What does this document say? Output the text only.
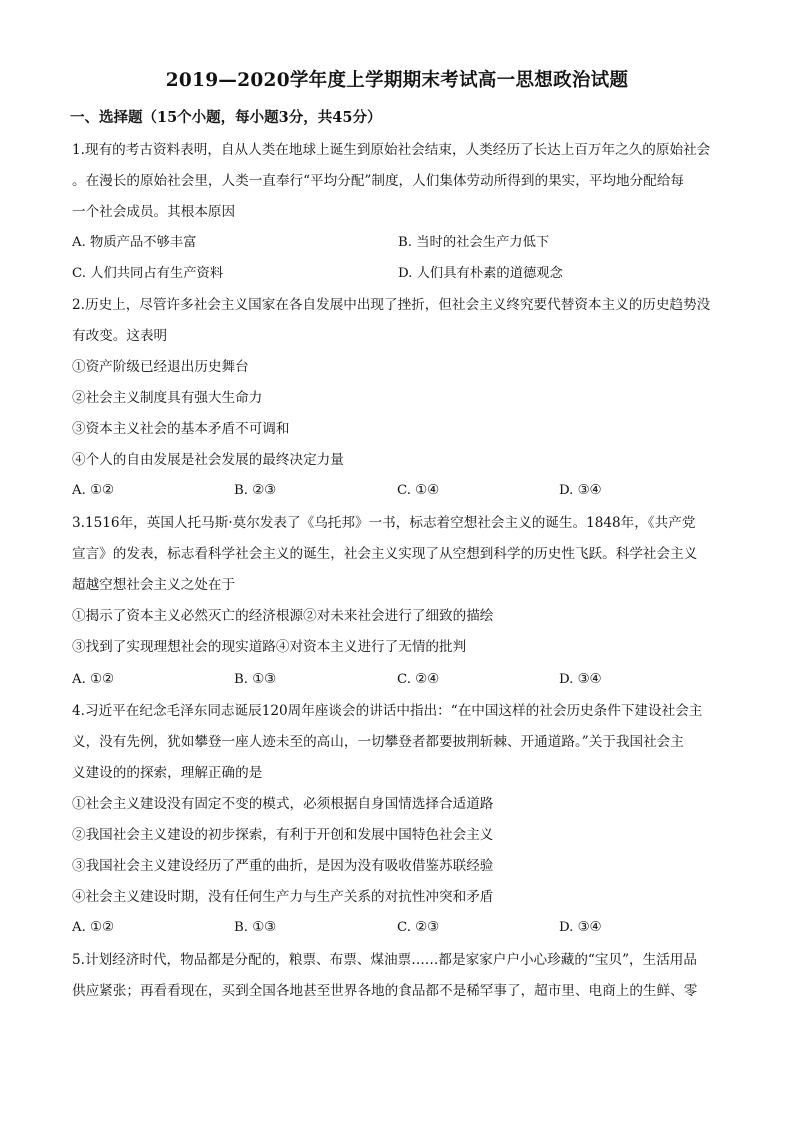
2019—2020学年度上学期期末考试高一思想政治试题
一、选择题（15个小题，每小题3分，共45分）
1.现有的考古资料表明，自从人类在地球上诞生到原始社会结束，人类经历了长达上百万年之久的原始社会
。在漫长的原始社会里，人类一直奉行“平均分配”制度，人们集体劳动所得到的果实，平均地分配给每
一个社会成员。其根本原因
A. 物质产品不够丰富	B. 当时的社会生产力低下
C. 人们共同占有生产资料	D. 人们具有朴素的道德观念
2.历史上，尽管许多社会主义国家在各自发展中出现了挫折，但社会主义终究要代替资本主义的历史趋势没
有改变。这表明
①资产阶级已经退出历史舞台
②社会主义制度具有强大生命力
③资本主义社会的基本矛盾不可调和
④个人的自由发展是社会发展的最终决定力量
A. ①②	B. ②③	C. ①④	D. ③④
3.1516年，英国人托马斯·莫尔发表了《乌托邦》一书，标志着空想社会主义的诞生。1848年，《共产党
宣言》的发表，标志看科学社会主义的诞生，社会主义实现了从空想到科学的历史性飞跃。科学社会主义
超越空想社会主义之处在于
①揭示了资本主义必然灭亡的经济根源②对未来社会进行了细致的描绘
③找到了实现理想社会的现实道路④对资本主义进行了无情的批判
A. ①②	B. ①③	C. ②④	D. ③④
4.习近平在纪念毛泽东同志诞辰120周年座谈会的讲话中指出：“在中国这样的社会历史条件下建设社会主
义，没有先例，犹如攀登一座人迹未至的高山，一切攀登者都要披荆斩棘、开通道路。”关于我国社会主
义建设的的探索，理解正确的是
①社会主义建设没有固定不变的模式，必须根据自身国情选择合适道路
②我国社会主义建设的初步探索，有利于开创和发展中国特色社会主义
③我国社会主义建设经历了严重的曲折，是因为没有吸收借鉴苏联经验
④社会主义建设时期，没有任何生产力与生产关系的对抗性冲突和矛盾
A. ①②	B. ①③	C. ②③	D. ③④
5.计划经济时代，物品都是分配的，粮票、布票、煤油票……都是家家户户小心珍藏的“宝贝”，生活用品
供应紧张；再看看现在，买到全国各地甚至世界各地的食品都不是稀罕事了，超市里、电商上的生鲜、零
